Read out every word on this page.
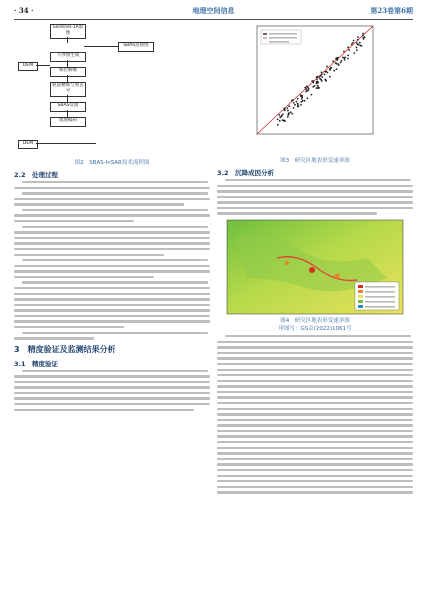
· 34 ·	地理空间信息	第23卷第6期
Sentinel-1A影像
SBAS连接图
DEM
干涉图生成
相位解缠
轨道精炼与重去平
SBAS反演
地理编码
DEM
图2　SBAS-InSAR技术流程图
2.2　处理过程
3　精度验证及监测结果分析
3.1　精度验证
图3　研究区地表形变速率图
3.2　沉降成因分析
图4　研究区地表形变速率图
审图号：GS京(2022)1061号
